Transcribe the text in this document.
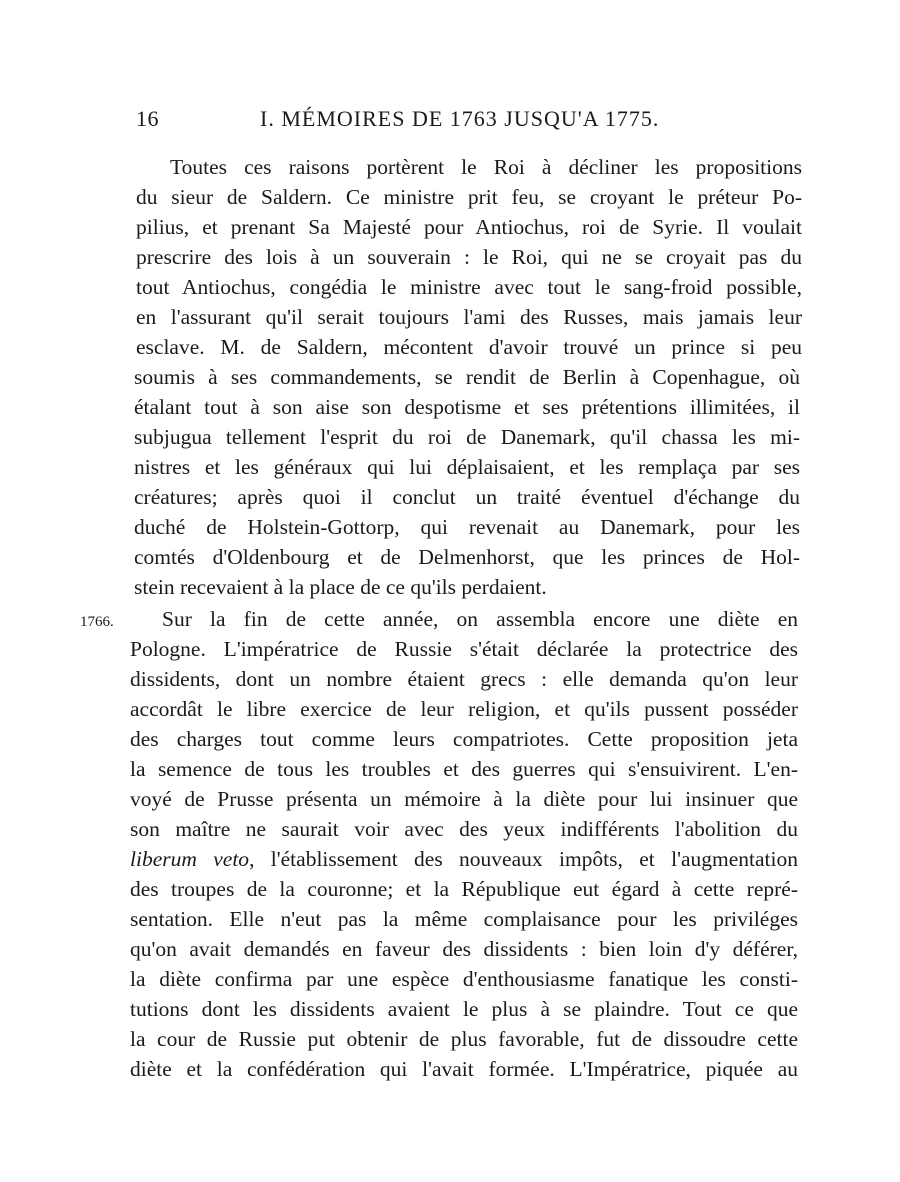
16	I. MÉMOIRES DE 1763 JUSQU'A 1775.
1766.
Toutes ces raisons portèrent le Roi à décliner les propositions
du sieur de Saldern. Ce ministre prit feu, se croyant le préteur Po-
pilius, et prenant Sa Majesté pour Antiochus, roi de Syrie. Il voulait
prescrire des lois à un souverain : le Roi, qui ne se croyait pas du
tout Antiochus, congédia le ministre avec tout le sang-froid possible,
en l'assurant qu'il serait toujours l'ami des Russes, mais jamais leur
esclave. M. de Saldern, mécontent d'avoir trouvé un prince si peu
soumis à ses commandements, se rendit de Berlin à Copenhague, où
étalant tout à son aise son despotisme et ses prétentions illimitées, il
subjugua tellement l'esprit du roi de Danemark, qu'il chassa les mi-
nistres et les généraux qui lui déplaisaient, et les remplaça par ses
créatures; après quoi il conclut un traité éventuel d'échange du
duché de Holstein-Gottorp, qui revenait au Danemark, pour les
comtés d'Oldenbourg et de Delmenhorst, que les princes de Hol-
stein recevaient à la place de ce qu'ils perdaient.
Sur la fin de cette année, on assembla encore une diète en
Pologne. L'impératrice de Russie s'était déclarée la protectrice des
dissidents, dont un nombre étaient grecs : elle demanda qu'on leur
accordât le libre exercice de leur religion, et qu'ils pussent posséder
des charges tout comme leurs compatriotes. Cette proposition jeta
la semence de tous les troubles et des guerres qui s'ensuivirent. L'en-
voyé de Prusse présenta un mémoire à la diète pour lui insinuer que
son maître ne saurait voir avec des yeux indifférents l'abolition du
liberum veto, l'établissement des nouveaux impôts, et l'augmentation
des troupes de la couronne; et la République eut égard à cette repré-
sentation. Elle n'eut pas la même complaisance pour les priviléges
qu'on avait demandés en faveur des dissidents : bien loin d'y déférer,
la diète confirma par une espèce d'enthousiasme fanatique les consti-
tutions dont les dissidents avaient le plus à se plaindre. Tout ce que
la cour de Russie put obtenir de plus favorable, fut de dissoudre cette
diète et la confédération qui l'avait formée. L'Impératrice, piquée au
